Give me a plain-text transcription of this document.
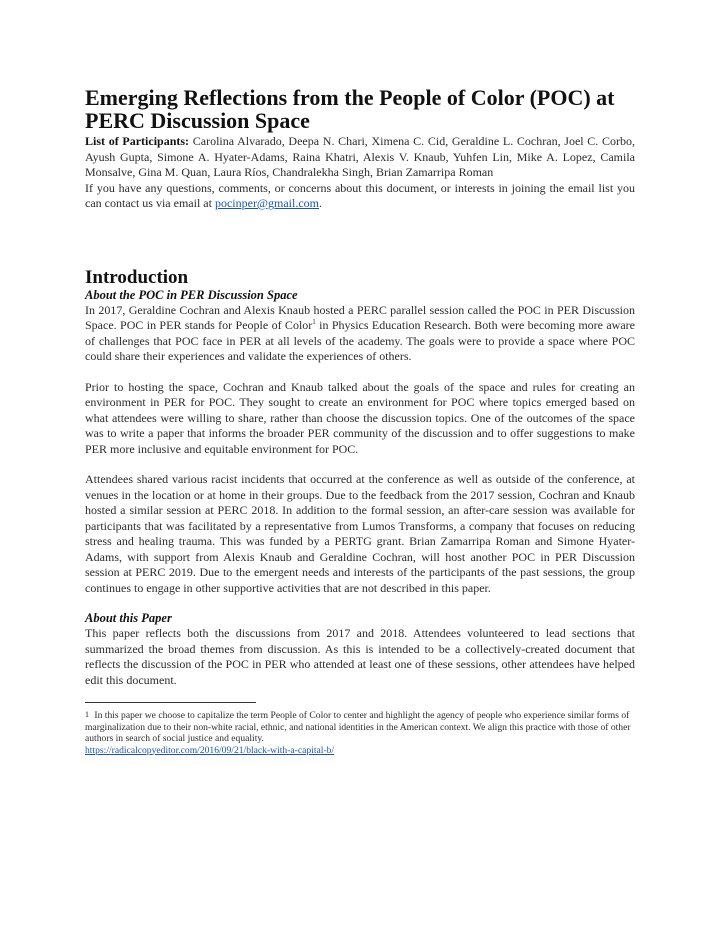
Emerging Reflections from the People of Color (POC) at PERC Discussion Space

List of Participants: Carolina Alvarado, Deepa N. Chari, Ximena C. Cid, Geraldine L. Cochran, Joel C. Corbo, Ayush Gupta, Simone A. Hyater-Adams, Raina Khatri, Alexis V. Knaub, Yuhfen Lin, Mike A. Lopez, Camila Monsalve, Gina M. Quan, Laura Ríos, Chandralekha Singh, Brian Zamarripa Roman

If you have any questions, comments, or concerns about this document, or interests in joining the email list you can contact us via email at pocinper@gmail.com.

Introduction
About the POC in PER Discussion Space

In 2017, Geraldine Cochran and Alexis Knaub hosted a PERC parallel session called the POC in PER Discussion Space. POC in PER stands for People of Color$^1$ in Physics Education Research. Both were becoming more aware of challenges that POC face in PER at all levels of the academy. The goals were to provide a space where POC could share their experiences and validate the experiences of others.

Prior to hosting the space, Cochran and Knaub talked about the goals of the space and rules for creating an environment in PER for POC. They sought to create an environment for POC where topics emerged based on what attendees were willing to share, rather than choose the discussion topics. One of the outcomes of the space was to write a paper that informs the broader PER community of the discussion and to offer suggestions to make PER more inclusive and equitable environment for POC.

Attendees shared various racist incidents that occurred at the conference as well as outside of the conference, at venues in the location or at home in their groups. Due to the feedback from the 2017 session, Cochran and Knaub hosted a similar session at PERC 2018. In addition to the formal session, an after-care session was available for participants that was facilitated by a representative from Lumos Transforms, a company that focuses on reducing stress and healing trauma. This was funded by a PERTG grant. Brian Zamarripa Roman and Simone Hyater-Adams, with support from Alexis Knaub and Geraldine Cochran, will host another POC in PER Discussion session at PERC 2019. Due to the emergent needs and interests of the participants of the past sessions, the group continues to engage in other supportive activities that are not described in this paper.

About this Paper

This paper reflects both the discussions from 2017 and 2018. Attendees volunteered to lead sections that summarized the broad themes from discussion. As this is intended to be a collectively-created document that reflects the discussion of the POC in PER who attended at least one of these sessions, other attendees have helped edit this document.

$^1$ In this paper we choose to capitalize the term People of Color to center and highlight the agency of people who experience similar forms of marginalization due to their non-white racial, ethnic, and national identities in the American context. We align this practice with those of other authors in search of social justice and equality.
https://radicalcopyeditor.com/2016/09/21/black-with-a-capital-b/
